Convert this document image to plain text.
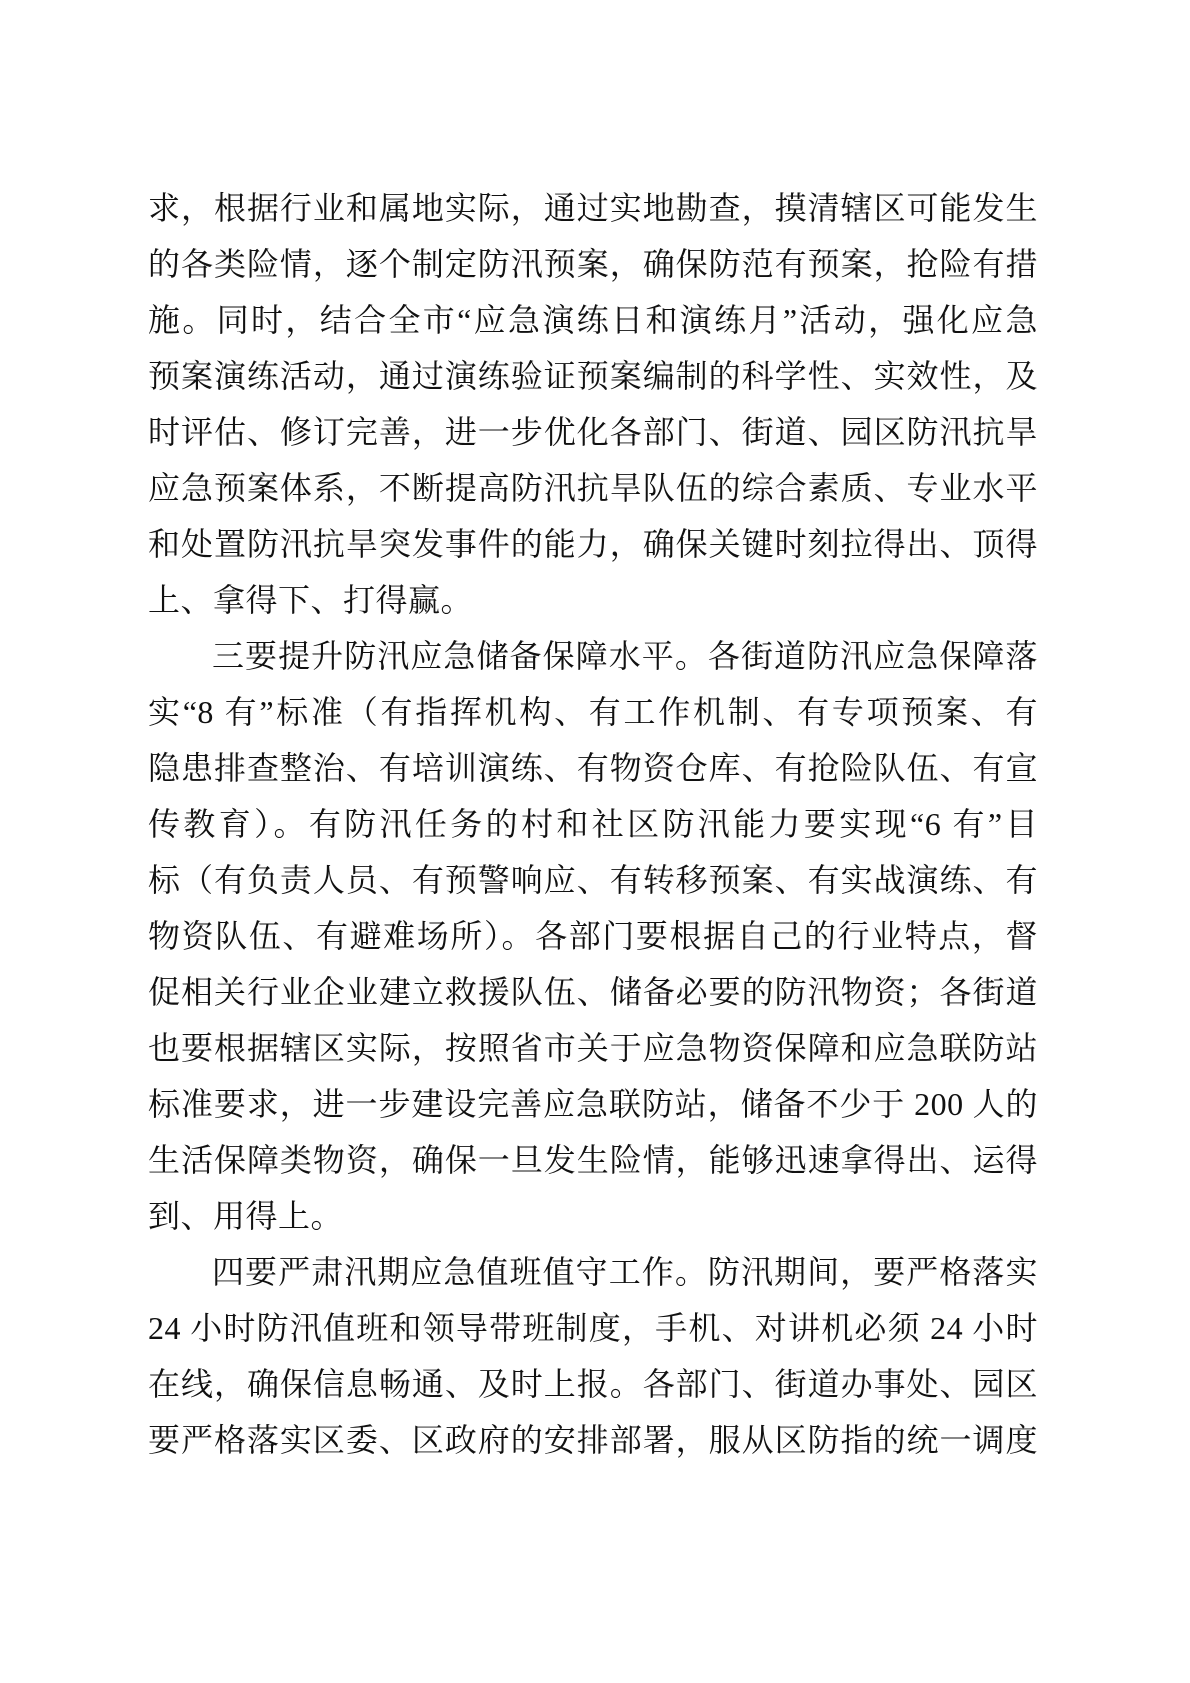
求，根据行业和属地实际，通过实地勘查，摸清辖区可能发生
的各类险情，逐个制定防汛预案，确保防范有预案，抢险有措
施。同时，结合全市“应急演练日和演练月”活动，强化应急
预案演练活动，通过演练验证预案编制的科学性、实效性，及
时评估、修订完善，进一步优化各部门、街道、园区防汛抗旱
应急预案体系，不断提高防汛抗旱队伍的综合素质、专业水平
和处置防汛抗旱突发事件的能力，确保关键时刻拉得出、顶得
上、拿得下、打得赢。
三要提升防汛应急储备保障水平。各街道防汛应急保障落
实“8 有”标准（有指挥机构、有工作机制、有专项预案、有
隐患排查整治、有培训演练、有物资仓库、有抢险队伍、有宣
传教育）。有防汛任务的村和社区防汛能力要实现“6 有”目
标（有负责人员、有预警响应、有转移预案、有实战演练、有
物资队伍、有避难场所）。各部门要根据自己的行业特点，督
促相关行业企业建立救援队伍、储备必要的防汛物资；各街道
也要根据辖区实际，按照省市关于应急物资保障和应急联防站
标准要求，进一步建设完善应急联防站，储备不少于 200 人的
生活保障类物资，确保一旦发生险情，能够迅速拿得出、运得
到、用得上。
四要严肃汛期应急值班值守工作。防汛期间，要严格落实
24 小时防汛值班和领导带班制度，手机、对讲机必须 24 小时
在线，确保信息畅通、及时上报。各部门、街道办事处、园区
要严格落实区委、区政府的安排部署，服从区防指的统一调度
